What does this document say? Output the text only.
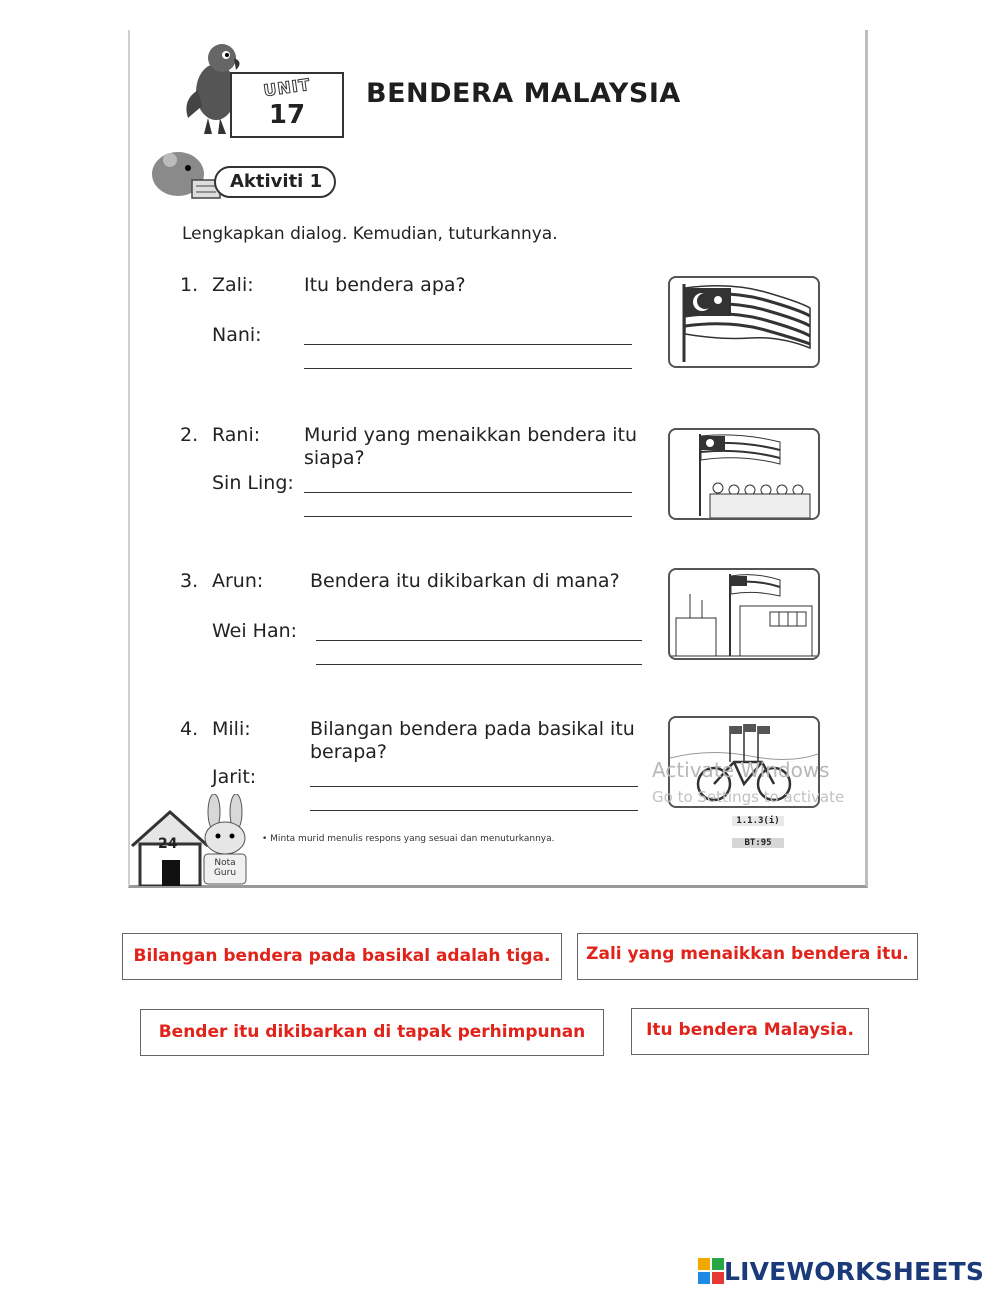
UNIT
17
BENDERA MALAYSIA
Aktiviti 1
Lengkapkan dialog. Kemudian, tuturkannya.
1. Zali:	Itu bendera apa?
Nani:
2. Rani: Murid yang menaikkan bendera itu siapa?
Sin Ling:
3. Arun: Bendera itu dikibarkan di mana?
Wei Han:
4. Mili:	Bilangan bendera pada basikal itu berapa?
Jarit:	Activate Windows
Go to Settings to activate
24
Nota Guru
• Minta murid menulis respons yang sesuai dan menuturkannya.
1.1.3(i)
BT:95
Bilangan bendera pada basikal adalah tiga.	Zali yang menaikkan bendera itu.
Bender itu dikibarkan di tapak perhimpunan	Itu bendera Malaysia.
LIVEWORKSHEETS
